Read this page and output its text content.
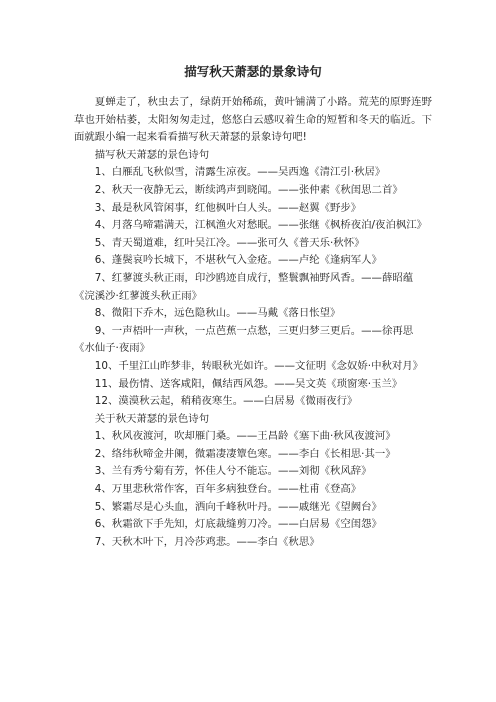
描写秋天萧瑟的景象诗句

夏蝉走了，秋虫去了，绿荫开始稀疏，黄叶铺满了小路。荒芜的原野连野草也开始枯萎，太阳匆匆走过，悠悠白云感叹着生命的短暂和冬天的临近。下面就跟小编一起来看看描写秋天萧瑟的景象诗句吧!

描写秋天萧瑟的景色诗句

1、白雁乱飞秋似雪，清露生凉夜。——吴西逸《清江引·秋居》

2、秋天一夜静无云，断续鸿声到晓闻。——张仲素《秋闺思二首》

3、最是秋风管闲事，红他枫叶白人头。——赵翼《野步》

4、月落乌啼霜满天，江枫渔火对愁眠。——张继《枫桥夜泊/夜泊枫江》

5、青天蜀道难，红叶吴江冷。——张可久《普天乐·秋怀》

6、蓬鬓哀吟长城下，不堪秋气入金疮。——卢纶《逢病军人》

7、红蓼渡头秋正雨，印沙鸥迹自成行，整鬟飘袖野风香。——薛昭蕴《浣溪沙·红蓼渡头秋正雨》

8、微阳下乔木，远色隐秋山。——马戴《落日怅望》

9、一声梧叶一声秋，一点芭蕉一点愁，三更归梦三更后。——徐再思《水仙子·夜雨》

10、千里江山昨梦非，转眼秋光如许。——文征明《念奴娇·中秋对月》

11、最伤情、送客咸阳，佩结西风怨。——吴文英《琐窗寒·玉兰》

12、漠漠秋云起，稍稍夜寒生。——白居易《微雨夜行》

关于秋天萧瑟的景色诗句

1、秋风夜渡河，吹却雁门桑。——王昌龄《塞下曲·秋风夜渡河》

2、络纬秋啼金井阑，微霜凄凄簟色寒。——李白《长相思·其一》

3、兰有秀兮菊有芳，怀佳人兮不能忘。——刘彻《秋风辞》

4、万里悲秋常作客，百年多病独登台。——杜甫《登高》

5、繁霜尽是心头血，洒向千峰秋叶丹。——戚继光《望阙台》

6、秋霜欲下手先知，灯底裁缝剪刀冷。——白居易《空闺怨》

7、天秋木叶下，月冷莎鸡悲。——李白《秋思》
